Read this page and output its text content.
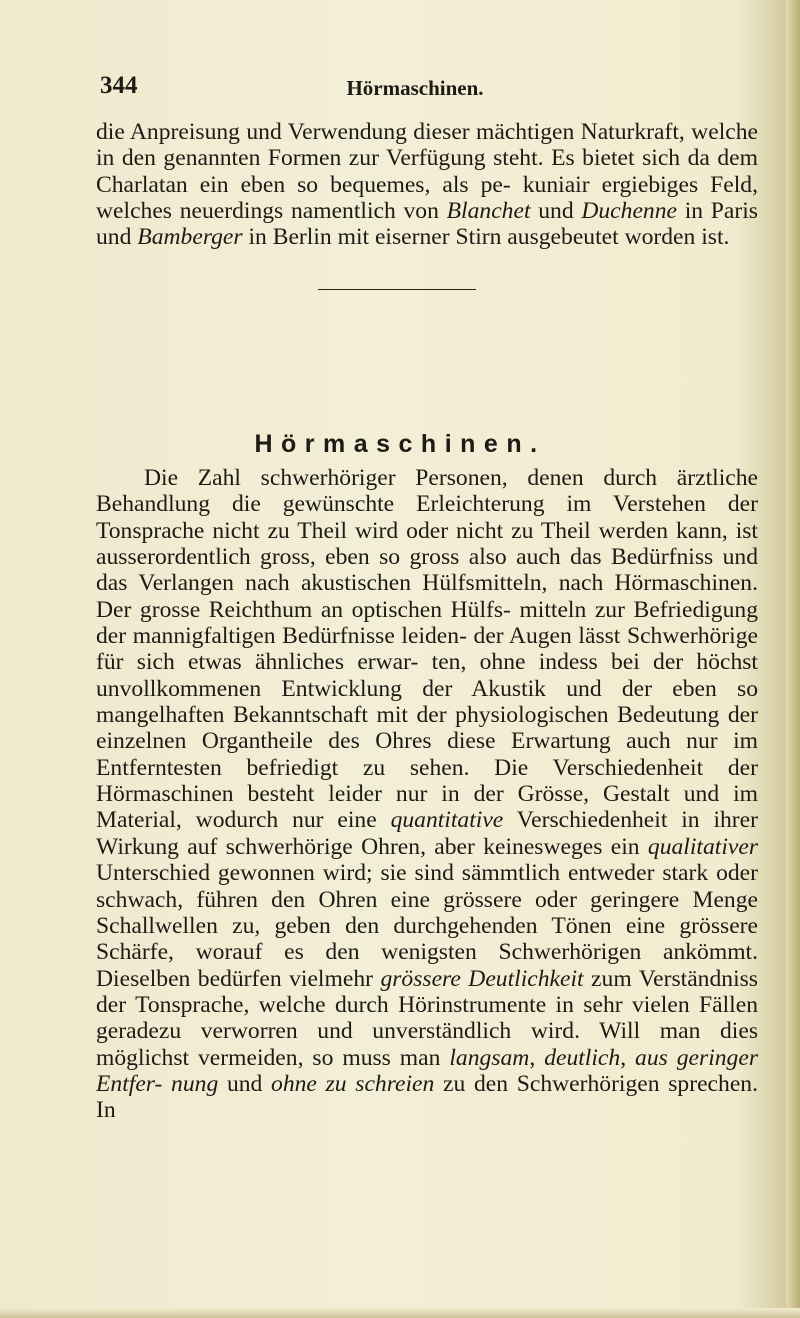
344	Hörmaschinen.

die Anpreisung und Verwendung dieser mächtigen Naturkraft, welche in den genannten Formen zur Verfügung steht. Es bietet sich da dem Charlatan ein eben so bequemes, als pe- kuniair ergiebiges Feld, welches neuerdings namentlich von Blanchet und Duchenne in Paris und Bamberger in Berlin mit eiserner Stirn ausgebeutet worden ist.

Hörmaschinen.

Die Zahl schwerhöriger Personen, denen durch ärztliche Behandlung die gewünschte Erleichterung im Verstehen der Tonsprache nicht zu Theil wird oder nicht zu Theil werden kann, ist ausserordentlich gross, eben so gross also auch das Bedürfniss und das Verlangen nach akustischen Hülfsmitteln, nach Hörmaschinen. Der grosse Reichthum an optischen Hülfs- mitteln zur Befriedigung der mannigfaltigen Bedürfnisse leiden- der Augen lässt Schwerhörige für sich etwas ähnliches erwar- ten, ohne indess bei der höchst unvollkommenen Entwicklung der Akustik und der eben so mangelhaften Bekanntschaft mit der physiologischen Bedeutung der einzelnen Organtheile des Ohres diese Erwartung auch nur im Entferntesten befriedigt zu sehen. Die Verschiedenheit der Hörmaschinen besteht leider nur in der Grösse, Gestalt und im Material, wodurch nur eine quantitative Verschiedenheit in ihrer Wirkung auf schwerhörige Ohren, aber keinesweges ein qualitativer Unterschied gewonnen wird; sie sind sämmtlich entweder stark oder schwach, führen den Ohren eine grössere oder geringere Menge Schallwellen zu, geben den durchgehenden Tönen eine grössere Schärfe, worauf es den wenigsten Schwerhörigen ankömmt. Dieselben bedürfen vielmehr grössere Deutlichkeit zum Verständniss der Tonsprache, welche durch Hörinstrumente in sehr vielen Fällen geradezu verworren und unverständlich wird. Will man dies möglichst vermeiden, so muss man langsam, deutlich, aus geringer Entfer- nung und ohne zu schreien zu den Schwerhörigen sprechen. In
